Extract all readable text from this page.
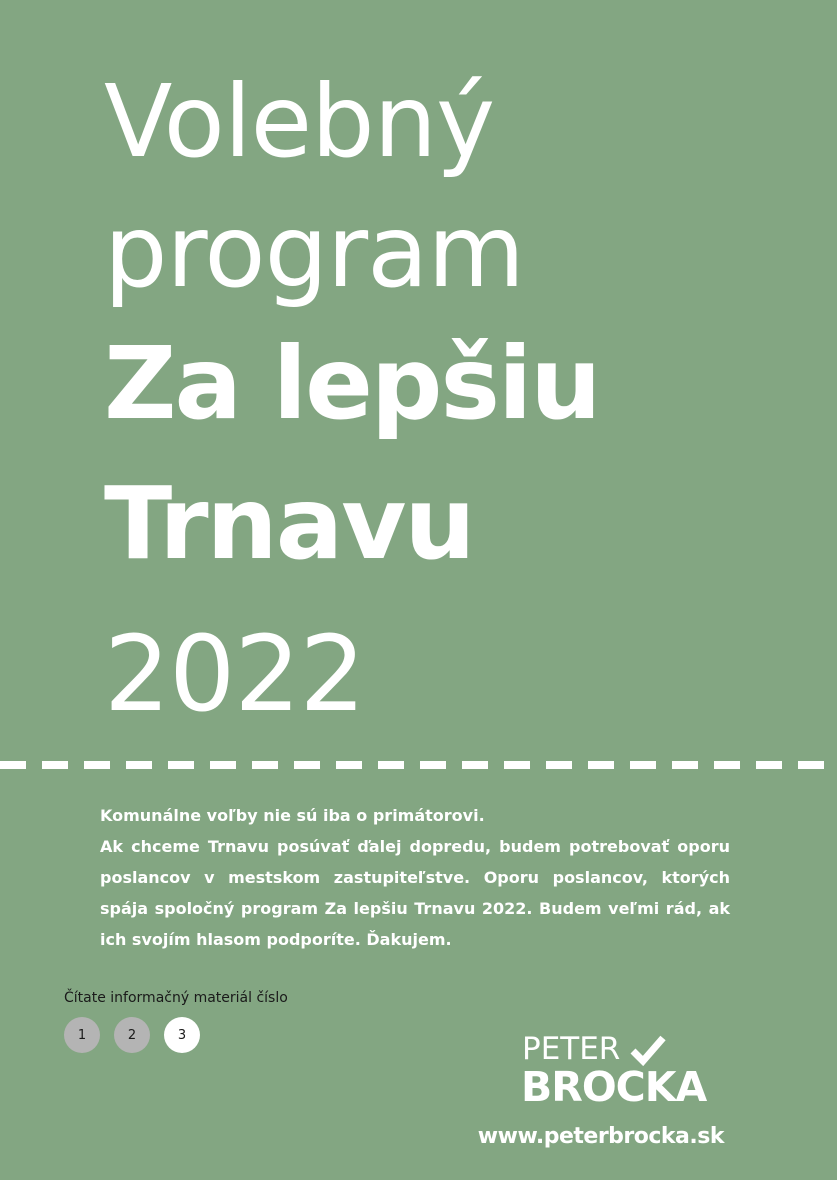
Volebný
program
Za lepšiu
Trnavu
2022

Komunálne voľby nie sú iba o primátorovi.

Ak chceme Trnavu posúvať ďalej dopredu, budem potrebovať oporu poslancov v mestskom zastupiteľstve. Oporu poslancov, ktorých spája spoločný program Za lepšiu Trnavu 2022. Budem veľmi rád, ak ich svojím hlasom podporíte. Ďakujem.

Čítate informačný materiál číslo
1	2	3	PETER
BROCKA
www.peterbrocka.sk
